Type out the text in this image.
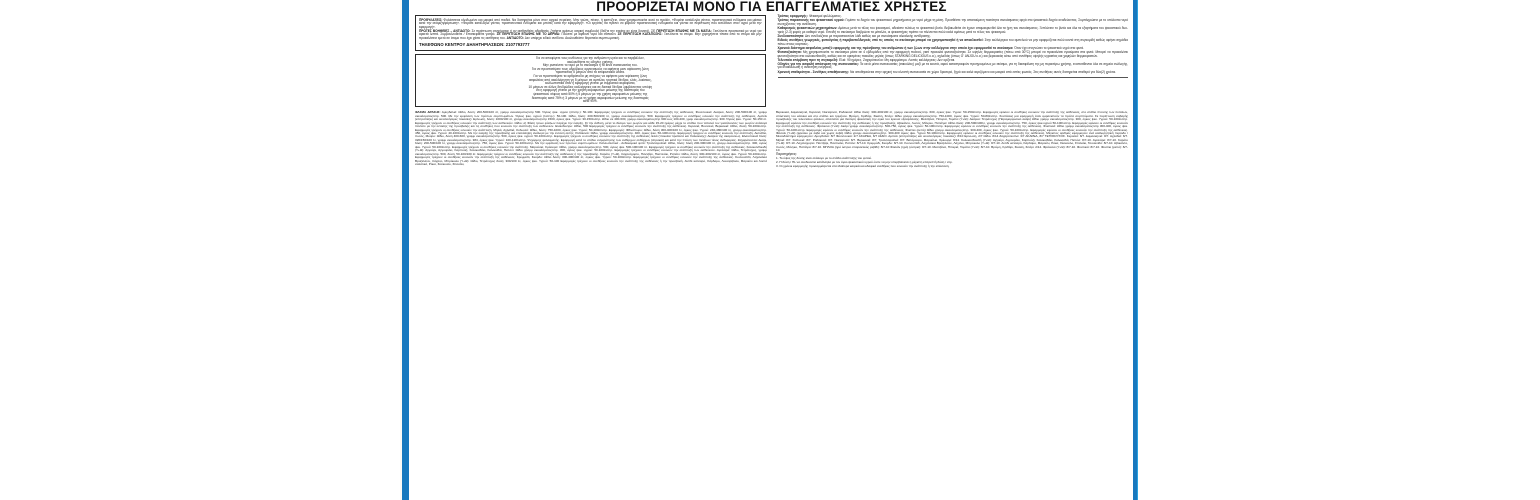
ΠΡΟΟΡΙΖΕΤΑΙ ΜΟΝΟ ΓΙΑ ΕΠΑΓΓΕΛΜΑΤΙΕΣ ΧΡΗΣΤΕΣ

ΠΡΟΦΥΛΑΞΕΙΣ: Φυλάσσεται κλειδωμένο και μακριά από παιδιά. Να διατηρείται μόνο στον αρχικό περιέκτη. Μην τρώτε, πίνετε, ή καπνίζετε, όταν χρησιμοποιείτε αυτό το προϊόν. «Φοράτε κατάλληλα γάντια, προστατευτικά ενδύματα και μάσκα κατά την ανάμιξη/φόρτωση». «Φοράτε κατάλληλα γάντια, προστατευτικά ενδύματα και μπότες κατά την εφαρμογή». «Οι εργάτες θα πρέπει να φορούν προστατευτική ενδυμασία και γάντια σε περίπτωση που εισέλθουν στον αγρό μετά την εφαρμογή».

ΠΡΩΤΕΣ ΒΟΗΘΕΙΕΣ – ΑΝΤΙΔΟΤΟ: Σε περίπτωση ατυχήματος ή αν αισθανθείτε αδιαθεσία, ζητήστε αμέσως ιατρική συμβουλή (δείξτε την ετικέτα αν είναι δυνατό). ΣΕ ΠΕΡΙΠΤΩΣΗ ΕΠΑΦΗΣ ΜΕ ΤΑ ΜΑΤΙΑ: Ξεπλύνετε προσεκτικά με νερό για αρκετά λεπτά. Συμβουλευθείτε / Επισκεφθείτε γιατρό. ΣΕ ΠΕΡΙΠΤΩΣΗ ΕΠΑΦΗΣ ΜΕ ΤΟ ΔΕΡΜΑ: Πλύνετε με άφθονο νερό και σαπούνι. ΣΕ ΠΕΡΙΠΤΩΣΗ ΚΑΤΑΠΟΣΗΣ: Ξεπλύνετε το στόμα. Μην χορηγήσετε τίποτα από το στόμα και μην προκαλέσετε εμετό σε άτομο που έχει χάσει τις αισθήσεις του. ΑΝΤΙΔΟΤΟ: Δεν υπάρχει ειδικό αντίδοτο. Ακολουθείστε θεραπεία συμπτωματική.

ΤΗΛΕΦΩΝΟ ΚΕΝΤΡΟΥ ΔΗΛΗΤΗΡΙΑΣΕΩΝ: 2107793777
Για να αποφύγετε τους κινδύνους για την ανθρώπινη υγεία και το περιβάλλον,
ακολουθήστε τις οδηγίες χρήσης.
Μην ρυπαίνετε το νερό με το σκεύασμα ή τα κενά συσκευασίας του.
Για να προστατέψετε τους υδρόβιους οργανισμούς να αφήσετε μιαν αψέκαστη ζώνη
προστασίας 5 μέτρων από τα επιφανειακά ύδατα.
Για να προστατέψετε τα αρθρόποδα μη στόχους να αφήσετε μιαν αψέκαστη ζώνη
ασφαλείας από ακαλλιέργητη γη 5 μέτρων σε αμπέλια, τροπικά δένδρα, ελιές, λυκίσκος,
καλλωπιστικά όταν η εφαρμογή γίνεται με συμβατικά ακροφύσια,
10 μέτρων σε άλλες δενδρώδεις καλλιέργειες και σε δασικά δένδρα λαμβάνοντας υπόψη
ότι η εφαρμογή γίνεται με την χρήση ακροφυσίων μείωσης της διασποράς του
ψεκαστικού νέφους κατά 50% ή 5 μέτρων με την χρήση ακροφυσίων μείωσης της
διασποράς κατά 75% ή 3 μέτρων με τη χρήση ακροφυσίων μείωσης της διασποράς
κατά 90%.

Τρόπος εφαρμογής: Ψεκασμοί φυλλώματος.

Τρόπος παρασκευής του ψεκαστικού υγρού: Γεμίστε το δοχείο του ψεκαστικού μηχανήματος με νερό μέχρι τη μέση. Προσθέστε την απαιτούμενη ποσότητα σκευάσματος αργά στο ψεκαστικό δοχείο αναδεύοντας. Συμπληρώστε με το υπόλοιπο νερό συνεχίζοντας την ανάδευση.

Καθαρισμός ψεκαστικών μηχανημάτων: Αμέσως μετά το τέλος του ψεκασμού, αδειάστε τελείως το ψεκαστικό βυτίο. Βεβαιωθείτε ότι έχουν απομακρυνθεί όλα τα ίχνη του σκευάσματος. Ξεπλύνετε το βυτίο και όλα τα εξαρτήματα του ψεκαστικού δυο-τρείς (2-3) φορές με καθαρό νερό. Επειδή το σκεύασμα διαβρώνει τα μέταλλα, οι ψεκαστήρες πρέπει να πλένονται πολύ καλά αμέσως μετά το τέλος του ψεκασμού.

Συνδυαστικότητα: Δεν συνδυάζεται με παρασιτοκτόνα λάδι καθώς και με σκευάσματα αλκαλικής αντίδρασης.

Ειδικές συνθήκες γεωργικές, φυτοϋγείας ή περιβαντολλογικές υπό τις οποίες το σκεύασμα μπορεί να χρησιμοποιηθεί ή να αποκλεισθεί: Στην καλλιέργεια του αμπελιού να μην εφαρμόζεται πολύ κοντά στη συγκομιδή καθώς αφήνει σημάδια πάνω στους καρπούς.

Χρονικό διάστημα ασφαλείας μεταξύ εφαρμογής και της πρόσβασης του ανθρώπου ή των ζώων στην καλλιέργεια στην οποία έχει εφαρμοσθεί το σκεύασμα: Όταν έχει στεγνώσει το ψεκαστικό υγρό στα φυτά.

Φυτοτοξικότητα: Μη χρησιμοποιείτε το σκεύασμα μέσα σε 4 εβδομάδες από την εφαρμογή πολτού, γιατί προκαλεί φυτοτοξικότητα. Σε υψηλές θερμοκρασίες (πάνω από 30°C) μπορεί να προκαλέσει εγκαύματα στα φυτά. Μπορεί να προκαλέσει φυτοτοξικότητα στα κολοκυνθοειδή, καθώς και σε ορισμένες ποικιλίες μηλιάς (όπως STARKING DELICIOUS κ.α.), αχλαδιάς (όπως Ο' ANJOU κ.α.) και βερικοκιάς κάτω από συνθήκες υψηλής υγρασίας και χαμηλών θερμοκρασιών.

Τελευταία επέμβαση πριν τη συγκομιδή: Ελιά: 90 ημέρες. Ζαχαρότευτλα: Μη εφαρμόσιμο. Λοιπές καλλιέργειες: Δεν ορίζεται.

Οδηγίες για την ασφαλή απόσυρση της συσκευασίας: Τα κενά μέσα συσκευασίας (σακούλες) μαζί με τα κουτιά, αφού καταστραφούν προηγουμένως με σκίσιμο, για τη διασφάλιση της μη περαιτέρω χρήσης, εναποτίθενται όλα σε σημεία συλλογής, για ανακύκλωση ή ανάκτηση ενέργειας.

Χρονική σταθερότητα - Συνθήκες αποθήκευσης: Να αποθηκεύεται στην αρχική του κλειστή συσκευασία σε χώρο δροσερό, ξηρό και καλά αεριζόμενο και μακριά από εστίες φωτιάς. Στις συνθήκες αυτές διατηρείται σταθερό για δύο(2) χρόνια.

ΦΑΣΜΑ ΔΡΑΣΗΣ: Αμυγδαλιά: Ωΐδιο, δόση: 200-500/100 λτ, γραμμ σκευάσματος/στρ 500. Όγκος ψεκ. υγρού (λτ/στρ.): 50-100. Εφαρμογές τρέχουν οι συνθήκες ευνοούν την ανάπτυξη της ασθένειας. Φουντουκιά: Ακάρεα, δόση: 200-500/100 λτ, γραμμ σκευάσματος/στρ. 500. Με την εμφάνιση των πρώτων συμπτωμάτων. Όγκος ψεκ. υγρού (λτ/στρ.): 50-100. Ωΐδιο, δόση: 200-500/100 λτ, γραμμ σκευάσματος/στρ. 500. Εφαρμογές τρέχουν οι συνθήκες ευνοούν την ανάπτυξη της ασθένειας. Αμπέλι (επιτραπέζιες και οινοποιήσιμες ποικιλίες): Ερίνωση, δόση: 1000/100 λτ, γραμμ σκευάσματος/στρ 1500, όγκος ψεκ. Υγρού: 30-150λτ/στρ. Ωΐδιο σε 400-630, γραμμ σκευάσματος/στρ 600 έως 100-200, γραμ σκευάσματος/στρ. 300. Όγκος ψεκ. Υγρού: 50-150 λτ. Εφαρμογές τρέχουν οι συνθήκες ευνοούν την ανάπτυξη των ασθενειών. Ωΐδιο: α) Φάση τρίων φύλλων παρέχει την έναρξη, β) την άνθιση, μέτα το δέσιμο των ρωγών και κάθε 15-20 ημέρες μέχρι το στάδιο που ταπεινά τον γυαλύνοντας των ρωγών ανάλογα πάντοτε με την έντασης της προσβολής και τις συνθήκες που ευνοούν την ανάπτυξη των ασθενειών. Ελαιόδεντρο: Ωΐδιο, 500 Εφαρμογές τρέχουν οι συνθήκες ευνοούν την ανάπτυξη της ασθένειας. Κερασιά, Βυσσινιά, Βερικοκιά: Ωΐδιο, δόση: 50-100λτ/στρ. Εφαρμογές τρέχουν οι συνθήκες ευνοούν την ανάπτυξη. Μηλιά, Αχλαδιά, Κυδωνιά: Ωΐδιο, δόση: 750-1000, όγκος ψεκ. Υγρού: 50-100λτ/στρ. Εφαρμογές: Φθινόπωρο: Ωΐδιο, δόση 300-400/100 λτ, όγκος ψεκ. Υγρού: 240-480/100 λτ, γραμμ σκευάσματος/στρ. 450, όγκος ψεκ. Υγρού: 40-100λτ/στρ. Με την έναρξη της προσβολής και επανάληψη ανάλογα με την ένταση αυτής. Ροδακινιά: Ωΐδιο, γραμμ σκευάσματος/στρ. 400, όγκος ψεκ. 50-100λτ/στρ. Εφαρμογή τρέχουν οι συνθήκες ευνοούν την ανάπτυξη. Ακτινίδιο, Λωτός, Μούρο: Ωΐδιο, δόση 400-600, γραμμ σκευάσματος/στρ. 500, όγκος ψεκ. υγρού: 50-100λτ/στρ. Εφαρμογές τρέχουν οι συνθήκες ευνοούν την ανάπτυξη της ασθένειας. Ελιά (τποκιλία προϊόντα και Χαλκούκης): Ακάρεα της ακαρώσεως. Ελαιοπυκνά δόση: 320/150/100 λτ, γραμμ σκευάσματος/στρ. 384, όγκος ψεκ. Υγρού: 100-120λτ/στρ. Ψυχόρμης φυλλομανής. Εφαρμογή κατά το στάδιο συγκρότησης των ανθέρχων ανθέρχων (Ατρακιά) και κατά την πτώση των πετάλων τέλος ανθοφορίας. Ζαχαρότευτλα: Ακάρι, δόση: 200-500/100 λτ, γραμμ σκευάσματος/στρ. 750, όγκος ψεκ. Υγρού: 50-100λτ/στρ. Με την εμφάνιση των πρώτων συμπτωμάτων. Καλλωπιστικά - Ανθοκομικά φυτά: Τριανταφυλλιά: Ωΐδιο, δόση: δόση 200-300/100 λτ, γραμμ σκευάσματος/στρ. 300, όγκος ψεκ. Υγρού: 50-100λτ/στρ. Εφαρμογές τρέχουν οι συνθήκες ευνοούν την ανάπτυξη. Μαρούλια, Σμάουρα: Ωΐδιο, γραμμ σκευάσματος/στρ. 500, όγκος ψεκ. 500-100/100 λτ. Εφαρμογές τρέχουν οι συνθήκες ευνοούν την ανάπτυξη της ασθένειας. Κολοκυνθοειδή (Υ+Θ): Αγγούρι, Αγγουράκι, Καρπούζι, Κολοκυθάκι, Κολοκυθιά, Πεπόνι: Ωΐδιο γραμμ σκευάσματος/στρ. 300, όγκος ψεκ. υγρού: 50-100λτ/στρ. Εφαρμογές τρέχουν οι συνθήκες ευνοούν την ανάπτυξη των ασθενειών. Αγκινάρα: Ωΐδιο, Τετράνυχος, γραμμ σκευάσματος/στρ. 500, δόση: 50-100/100 λτ. Εφαρμογές τρέχουν οι συνθήκες ευνοούν την ανάπτυξη της ασθένειας ή της προσβολής. Καρότο (Υ+Θ), Λαχανόχορτο, Παντζάρι, Παστινάκι, Ραπάνι: Ωΐδιο, δόση: 300-400/100 λτ, όγκος ψεκ. Υγρού: 50-100λτ/στρ. Εφαρμογές τρέχουν οι συνθήκες ευνοούν την ανάπτυξη της ασθένειας. Κρεμμύδι, Σκόρδο: Ωΐδιο δόση: 300-400/100 λτ, όγκος ψεκ. Υγρού: 50-100λτ/στρ. Εφαρμογές τρέχουν οι συνθήκες ευνοούν την ανάπτυξη της ασθένειας. Κουνουπίδι, Λαχανάκια Βρυξελλών, Λάχανο, Μπρόκολο (Υ+Θ): Ωΐδιο, Τετράνυχος δόση: 300/100 λτ, όγκος ψεκ. Υγρού: 50-100 Εφαρμογές τρέχουν οι συνθήκες ευνοούν την ανάπτυξη της ασθένειας ή την προσβολή. Αντίδι κατσαρό, Κάρδαμο, Λυκοτρίβολο, Μαρούλι και Λοιπά σαλατικά, Ρόκα, Σέσκουλο, Σπανάκι,
Βερικοκιά, Δαμασκηνιά, Κερασιά, Νεκταρινιά, Ροδακινιά: Ωΐδιο δόση: 300-400/100 λτ, γραμμ σκευάσματος/στρ. 600, όγκος ψεκ. Υγρού: 50-150λτ/στρ. Εφαρμογές εφόσον οι συνθήκες ευνοούν την ανάπτυξη της ασθένειας, στο στάδιο πτώσης των πετάλων, απόσταση του κάλυκα και στο στάδιο και τριμήνου. Βρώμη, Κριθάρι, Σίκαλη, Σιτάρι: Ωΐδιο γραμμ σκευάσματος/στρ. 750-1000, όγκος ψεκ. Υγρού: 50-80λτ/στρ. Συστάσεις μια εφαρμογή όταν εμφανιστούν τα πρώτα συμπτώματα. Σε περίπτωση σοβαρής προσβολής του τελευταίου φύλλου, απαιτείται μια δεύτερη ψεκαστική την ογκό του έρευνα εξασφάλισης. Μελιτζάνα, Πιπεριά, Τομάτα (Υ+Θ): Ακάρεα: Τετράνυχος (Παραμορφωτικό ακάρι) Ωΐδιο γραμμ σκευάσματος/στρ. 300, όγκος ψεκ. Υγρού: 50-100λτ/στρ. Εφαρμογή εφόσον την συνθήκη ευνοούν την ανάπτυξη της ασθένειας ή της προσβολής. Αβοκάντο, Λωτός, Μάνγκο, Παπάγια: Ωΐδιο δόση: 200-500/100λτ, γραμμ σκευάσματος/στρ. 750, όγκος ψεκ.υγρού 50-100λτ/στρ. Εφαρμογές εφόσον οι συνθήκες ευνοούν την ανάπτυξη της ασθένειας. Φράουλα (Υ+Θ): Ακάρι γραμμ σκευάσματος/στρ. 500-750, όγκος ψεκ. Υγρού: 50-100λτ/στρ. Εφαρμογές εφόσον οι συνθήκες ευνοούν την ανάπτυξη της ασθένειας. Φυστικιά: Ωΐδιο γραμμ σκευάσματος/στρ 300-400, όγκος ψεκ. Υγρού: 50-100λτ/στρ. Εφαρμογές εφόσον οι συνθήκες ευνοούν την ανάπτυξη της ασθένειας. Φυστίκι (ρεπό) Ωΐδιο γραμμ σκευάσματος/στρ. 300-400, όγκος ψεκ. Υγρού: 50-100λτ/στρ. Εφαρμογές εφόσον οι συνθήκες ευνοούν την ανάπτυξη της ασθένειας. Φασόλι (Υ+Θ) (φρέσκο με λοβό και χωρίς λοβό) Ωΐδιο γραμμ σκευάσματος/στρ. 300-400 όγκος ψεκ. Υγρού 50-100λτ/στρ. Εφαρμογές εφόσον οι συνθήκες ευνοούν την ανάπτυξη της ασθένειας. Μέγιστος αριθμός εφαρμογών ανά καλλιεργητική περίοδο / Μεσοδιάστημα εφαρμογών: Αμυγδαλιά: 8/7 Φουντουκιά: 2/7 ΑΚΑΡΕΑ, 8/7 ΩΪΔΙΟ. Αμπέλι (επιτραπέζιες και οινοποιήσιμες ποικιλίες): 8/10 Ερίνωση, 2/7 Ωΐδιο. 8/14 Ζαχαρότευτλα: 3/7 ΑΚΑΡΕΑ, 8/7 ΤΕΤΡΑΝΥΧΟΣ. Κερασιά: 8/7. Δαμασκηνιά: 8/7. Αχλαδιά: 8/7. Μηλιά: 8/7. Κυδωνιά: 8/7. Ροδακινιά: 8/7. Νεκταρινιά: 8/7. Βερικοκιά: 8/7. Τριανταφυλλιά: 8/7. Βατόμουρο, Μαρούλια, Σμέουρα: 8/14. Κολοκυνθοειδή (Υ+Θ): Αγγούρι, Αγγουράκι, Καρπούζι, Κολοκυθάκι, Κολοκυθιά, Πεπόνι: 8/7-10. Αγκινάρα: 8/7-10. Καρότο (Υ+Θ): 8/7-10. Λαχανόχορτο: Παντζάρι, Παστινάκι, Ραπάνι: 8/7-10. Κρεμμύδι, Σκόρδο: 8/7-10. Κουνουπίδι, Λαχανάκια Βρυξελλών, Λάχανο, Μπρόκολο (Υ+Θ): 8/7-10. Αντίδι κατσαρό, Κάρδαμο, Μαρούλι, Ρόκα, Σέσκουλο, Σπανάκι, Τσουκνίδα: 8/7-10. Αβοκάντο, Λωτός, Μάνγκο, Παπάγια: 8/7-10. ΜΗΛΟΑ (ηρό όστρια σπαρακτικός ρεβίθι): 8/7-10 Φασόλι (ηρό) (όστρια): 8/7-10. Μελιτζάνα, Πιπεριά, Τομάτα (Υ+Θ): 8/7-10. Βρώμη, Κριθάρι, Σίκαλη, Σιτάρι: 2/14. Φράουλα (Υ+Θ): 8/7-10. Φυστικιά: 8/7-10. Φυστίκι (ρεπό): 8/7-10.
Παρατηρήσεις:
1. Το ύψος της δόσης είναι ανάλογο με το στάδιο ανάπτυξης του φυτού.
2. Η δόση / HL να συνδυαστεί κατάλληλα με τον όγκο ψεκαστικού υγρού ώστε να μην υπερβαίνεται η μέγιστη επιτρεπτή δόση / στρ.
3. Οι χρόνοι εφαρμογής προσαρμόζονται στα ιδιαίτερα καιρικά και εδαφικά συνθήκες που ευνοούν την ανάπτυξη ή την επέκταση.
